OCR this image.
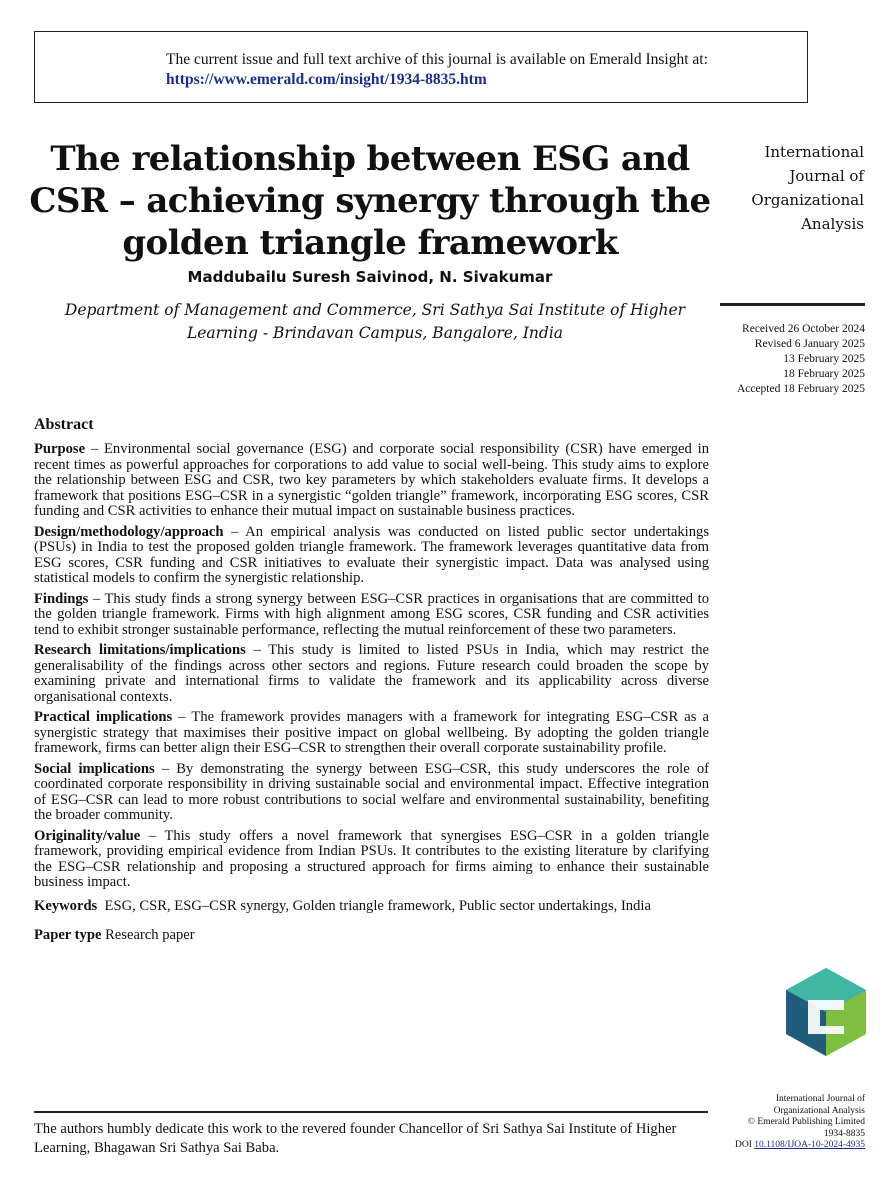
The current issue and full text archive of this journal is available on Emerald Insight at:
https://www.emerald.com/insight/1934-8835.htm
The relationship between ESG and CSR – achieving synergy through the golden triangle framework
Maddubailu Suresh Saivinod, N. Sivakumar
Department of Management and Commerce, Sri Sathya Sai Institute of Higher Learning - Brindavan Campus, Bangalore, India
International
Journal of
Organizational
Analysis
Received 26 October 2024
Revised 6 January 2025
13 February 2025
18 February 2025
Accepted 18 February 2025
Abstract

Purpose – Environmental social governance (ESG) and corporate social responsibility (CSR) have emerged in recent times as powerful approaches for corporations to add value to social well-being. This study aims to explore the relationship between ESG and CSR, two key parameters by which stakeholders evaluate firms. It develops a framework that positions ESG–CSR in a synergistic “golden triangle” framework, incorporating ESG scores, CSR funding and CSR activities to enhance their mutual impact on sustainable business practices.

Design/methodology/approach – An empirical analysis was conducted on listed public sector undertakings (PSUs) in India to test the proposed golden triangle framework. The framework leverages quantitative data from ESG scores, CSR funding and CSR initiatives to evaluate their synergistic impact. Data was analysed using statistical models to confirm the synergistic relationship.

Findings – This study finds a strong synergy between ESG–CSR practices in organisations that are committed to the golden triangle framework. Firms with high alignment among ESG scores, CSR funding and CSR activities tend to exhibit stronger sustainable performance, reflecting the mutual reinforcement of these two parameters.

Research limitations/implications – This study is limited to listed PSUs in India, which may restrict the generalisability of the findings across other sectors and regions. Future research could broaden the scope by examining private and international firms to validate the framework and its applicability across diverse organisational contexts.

Practical implications – The framework provides managers with a framework for integrating ESG–CSR as a synergistic strategy that maximises their positive impact on global wellbeing. By adopting the golden triangle framework, firms can better align their ESG–CSR to strengthen their overall corporate sustainability profile.

Social implications – By demonstrating the synergy between ESG–CSR, this study underscores the role of coordinated corporate responsibility in driving sustainable social and environmental impact. Effective integration of ESG–CSR can lead to more robust contributions to social welfare and environmental sustainability, benefiting the broader community.

Originality/value – This study offers a novel framework that synergises ESG–CSR in a golden triangle framework, providing empirical evidence from Indian PSUs. It contributes to the existing literature by clarifying the ESG–CSR relationship and proposing a structured approach for firms aiming to enhance their sustainable business impact.

Keywords ESG, CSR, ESG–CSR synergy, Golden triangle framework, Public sector undertakings, India
Paper type Research paper
The authors humbly dedicate this work to the revered founder Chancellor of Sri Sathya Sai Institute of Higher Learning, Bhagawan Sri Sathya Sai Baba.
International Journal of
Organizational Analysis
© Emerald Publishing Limited
1934-8835
DOI 10.1108/IJOA-10-2024-4935
